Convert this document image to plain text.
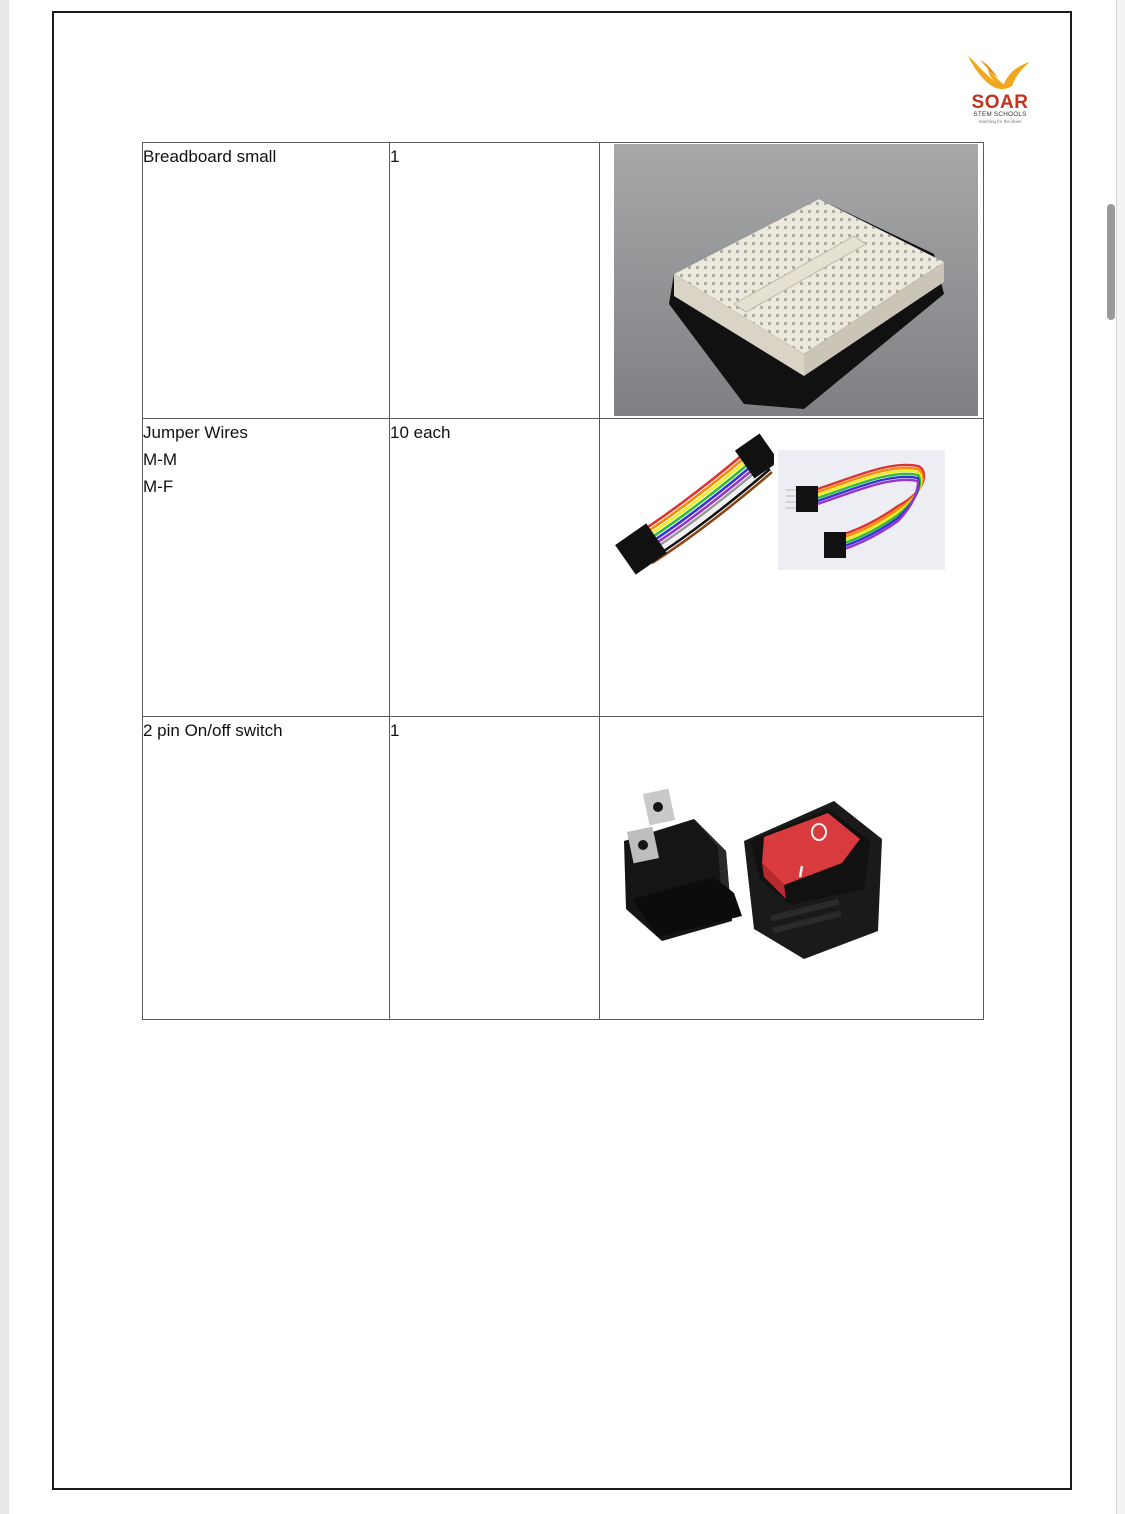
SOAR
STEM SCHOOLS
reaching for the skies
Breadboard small	1

Jumper Wires
M-M
M-F	10 each

2 pin On/off switch	1
